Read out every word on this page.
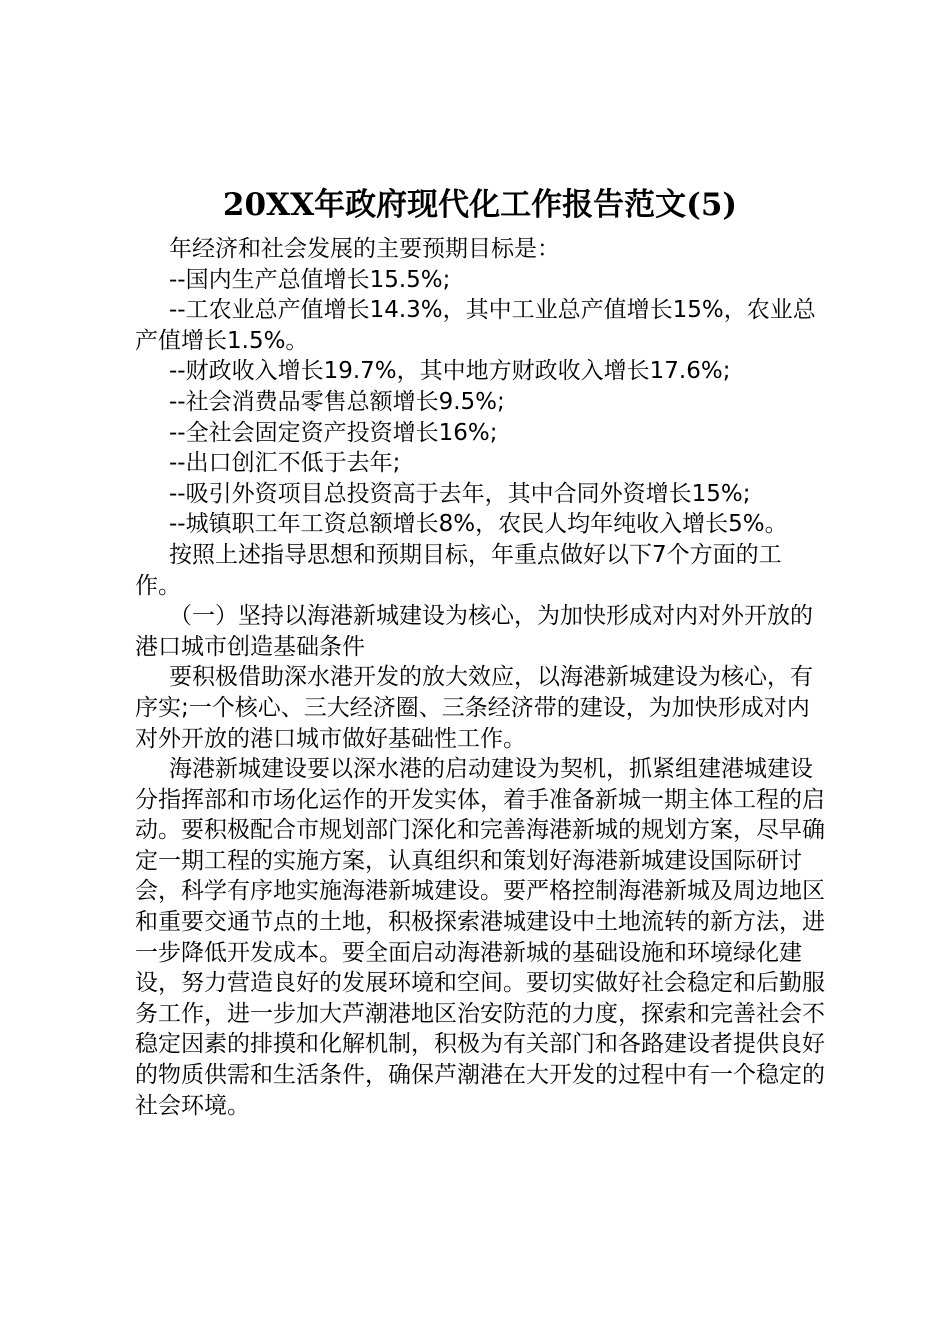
20XX年政府现代化工作报告范文(5)

年经济和社会发展的主要预期目标是：

--国内生产总值增长15.5%;

--工农业总产值增长14.3%，其中工业总产值增长15%，农业总产值增长1.5%。

--财政收入增长19.7%，其中地方财政收入增长17.6%;

--社会消费品零售总额增长9.5%;

--全社会固定资产投资增长16%;

--出口创汇不低于去年;

--吸引外资项目总投资高于去年，其中合同外资增长15%;

--城镇职工年工资总额增长8%，农民人均年纯收入增长5%。

按照上述指导思想和预期目标，年重点做好以下7个方面的工作。

（一）坚持以海港新城建设为核心，为加快形成对内对外开放的港口城市创造基础条件

要积极借助深水港开发的放大效应，以海港新城建设为核心，有序实;一个核心、三大经济圈、三条经济带的建设，为加快形成对内对外开放的港口城市做好基础性工作。

海港新城建设要以深水港的启动建设为契机，抓紧组建港城建设分指挥部和市场化运作的开发实体，着手准备新城一期主体工程的启动。要积极配合市规划部门深化和完善海港新城的规划方案，尽早确定一期工程的实施方案，认真组织和策划好海港新城建设国际研讨会，科学有序地实施海港新城建设。要严格控制海港新城及周边地区和重要交通节点的土地，积极探索港城建设中土地流转的新方法，进一步降低开发成本。要全面启动海港新城的基础设施和环境绿化建设，努力营造良好的发展环境和空间。要切实做好社会稳定和后勤服务工作，进一步加大芦潮港地区治安防范的力度，探索和完善社会不稳定因素的排摸和化解机制，积极为有关部门和各路建设者提供良好的物质供需和生活条件，确保芦潮港在大开发的过程中有一个稳定的社会环境。
